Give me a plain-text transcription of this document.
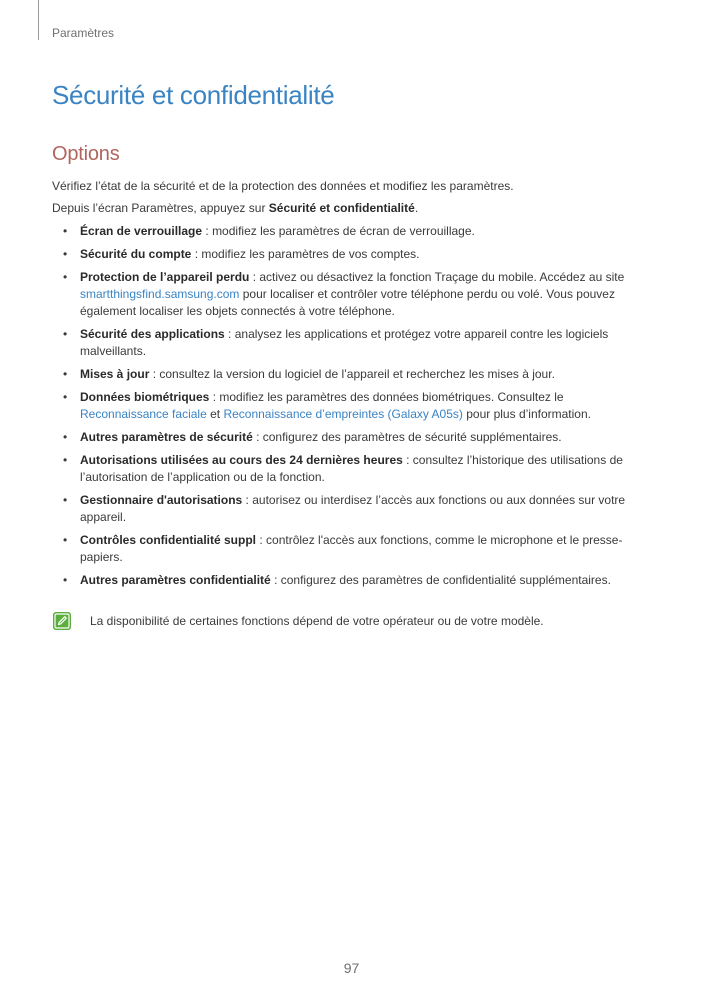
Paramètres
Sécurité et confidentialité
Options

Vérifiez l’état de la sécurité et de la protection des données et modifiez les paramètres.

Depuis l’écran Paramètres, appuyez sur Sécurité et confidentialité.

• Écran de verrouillage : modifiez les paramètres de écran de verrouillage.
• Sécurité du compte : modifiez les paramètres de vos comptes.
• Protection de l’appareil perdu : activez ou désactivez la fonction Traçage du mobile. Accédez au site smartthingsfind.samsung.com pour localiser et contrôler votre téléphone perdu ou volé. Vous pouvez également localiser les objets connectés à votre téléphone.
• Sécurité des applications : analysez les applications et protégez votre appareil contre les logiciels malveillants.
• Mises à jour : consultez la version du logiciel de l’appareil et recherchez les mises à jour.
• Données biométriques : modifiez les paramètres des données biométriques. Consultez le Reconnaissance faciale et Reconnaissance d’empreintes (Galaxy A05s) pour plus d’information.
• Autres paramètres de sécurité : configurez des paramètres de sécurité supplémentaires.
• Autorisations utilisées au cours des 24 dernières heures : consultez l’historique des utilisations de l’autorisation de l’application ou de la fonction.
• Gestionnaire d'autorisations : autorisez ou interdisez l’accès aux fonctions ou aux données sur votre appareil.
• Contrôles confidentialité suppl : contrôlez l'accès aux fonctions, comme le microphone et le presse-papiers.
• Autres paramètres confidentialité : configurez des paramètres de confidentialité supplémentaires.
La disponibilité de certaines fonctions dépend de votre opérateur ou de votre modèle.
97
